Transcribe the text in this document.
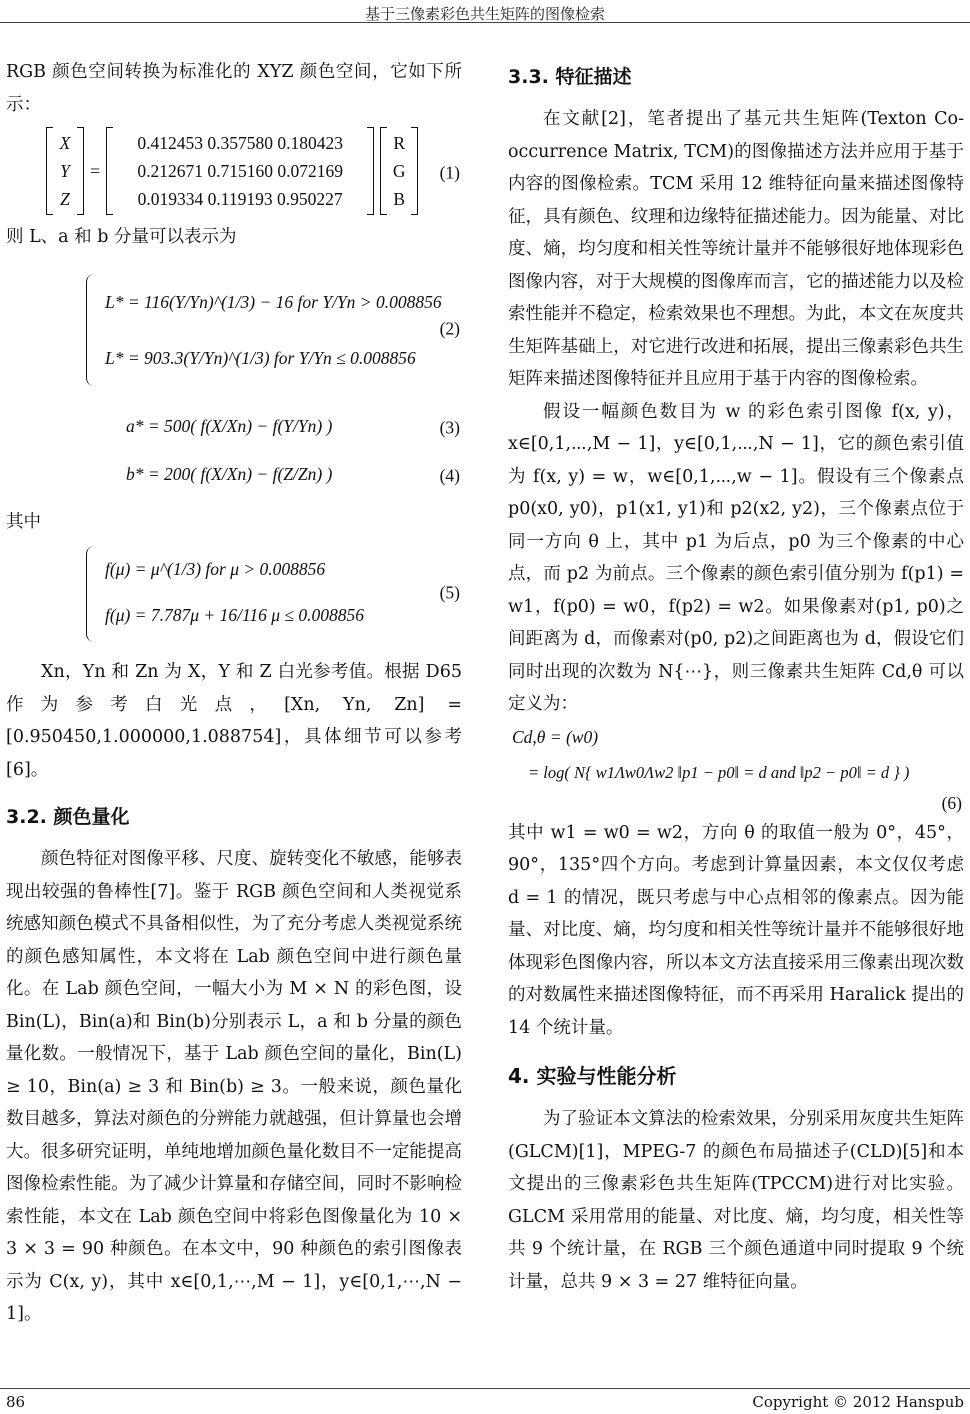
基于三像素彩色共生矩阵的图像检索

RGB 颜色空间转换为标准化的 XYZ 颜色空间，它如下所示：

X
Y
Z
=
0.412453 0.357580 0.180423
0.212671 0.715160 0.072169
0.019334 0.119193 0.950227
R
G
B
(1)

则 L、a 和 b 分量可以表示为

L* = 116(Y/Yn)^(1/3) − 16 for Y/Yn > 0.008856
L* = 903.3(Y/Yn)^(1/3) for Y/Yn ≤ 0.008856
(2)
a* = 500( f(X/Xn) − f(Y/Yn) )	(3)
b* = 200( f(X/Xn) − f(Z/Zn) )	(4)

其中

f(μ) = μ^(1/3) for μ > 0.008856
f(μ) = 7.787μ + 16/116 μ ≤ 0.008856
(5)

Xn，Yn 和 Zn 为 X，Y 和 Z 白光参考值。根据 D65 作为参考白光点，[Xn, Yn, Zn] = [0.950450,1.000000,1.088754]，具体细节可以参考[6]。

3.2. 颜色量化

颜色特征对图像平移、尺度、旋转变化不敏感，能够表现出较强的鲁棒性[7]。鉴于 RGB 颜色空间和人类视觉系统感知颜色模式不具备相似性，为了充分考虑人类视觉系统的颜色感知属性，本文将在 Lab 颜色空间中进行颜色量化。在 Lab 颜色空间，一幅大小为 M × N 的彩色图，设 Bin(L)，Bin(a)和 Bin(b)分别表示 L，a 和 b 分量的颜色量化数。一般情况下，基于 Lab 颜色空间的量化，Bin(L) ≥ 10，Bin(a) ≥ 3 和 Bin(b) ≥ 3。一般来说，颜色量化数目越多，算法对颜色的分辨能力就越强，但计算量也会增大。很多研究证明，单纯地增加颜色量化数目不一定能提高图像检索性能。为了减少计算量和存储空间，同时不影响检索性能，本文在 Lab 颜色空间中将彩色图像量化为 10 × 3 × 3 = 90 种颜色。在本文中，90 种颜色的索引图像表示为 C(x, y)，其中 x∈[0,1,⋯,M − 1]，y∈[0,1,⋯,N − 1]。

3.3. 特征描述

在文献[2]，笔者提出了基元共生矩阵(Texton Co-occurrence Matrix, TCM)的图像描述方法并应用于基于内容的图像检索。TCM 采用 12 维特征向量来描述图像特征，具有颜色、纹理和边缘特征描述能力。因为能量、对比度、熵，均匀度和相关性等统计量并不能够很好地体现彩色图像内容，对于大规模的图像库而言，它的描述能力以及检索性能并不稳定，检索效果也不理想。为此，本文在灰度共生矩阵基础上，对它进行改进和拓展，提出三像素彩色共生矩阵来描述图像特征并且应用于基于内容的图像检索。

假设一幅颜色数目为 w 的彩色索引图像 f(x, y)，x∈[0,1,⋯,M − 1]，y∈[0,1,⋯,N − 1]，它的颜色索引值为 f(x, y) = w，w∈[0,1,⋯,w − 1]。假设有三个像素点 p0(x0, y0)，p1(x1, y1)和 p2(x2, y2)，三个像素点位于同一方向 θ 上，其中 p1 为后点，p0 为三个像素的中心点，而 p2 为前点。三个像素的颜色索引值分别为 f(p1) = w1，f(p0) = w0，f(p2) = w2。如果像素对(p1, p0)之间距离为 d，而像素对(p0, p2)之间距离也为 d，假设它们同时出现的次数为 N{⋯}，则三像素共生矩阵 Cd,θ 可以定义为：

Cd,θ = (w0)
= log( N{ w1Λw0Λw2 ‖p1 − p0‖ = d and ‖p2 − p0‖ = d } )
(6)

其中 w1 = w0 = w2，方向 θ 的取值一般为 0°，45°，90°，135°四个方向。考虑到计算量因素，本文仅仅考虑 d = 1 的情况，既只考虑与中心点相邻的像素点。因为能量、对比度、熵，均匀度和相关性等统计量并不能够很好地体现彩色图像内容，所以本文方法直接采用三像素出现次数的对数属性来描述图像特征，而不再采用 Haralick 提出的 14 个统计量。

4. 实验与性能分析

为了验证本文算法的检索效果，分别采用灰度共生矩阵(GLCM)[1]，MPEG-7 的颜色布局描述子(CLD)[5]和本文提出的三像素彩色共生矩阵(TPCCM)进行对比实验。GLCM 采用常用的能量、对比度、熵，均匀度，相关性等共 9 个统计量，在 RGB 三个颜色通道中同时提取 9 个统计量，总共 9 × 3 = 27 维特征向量。

86	Copyright © 2012 Hanspub
